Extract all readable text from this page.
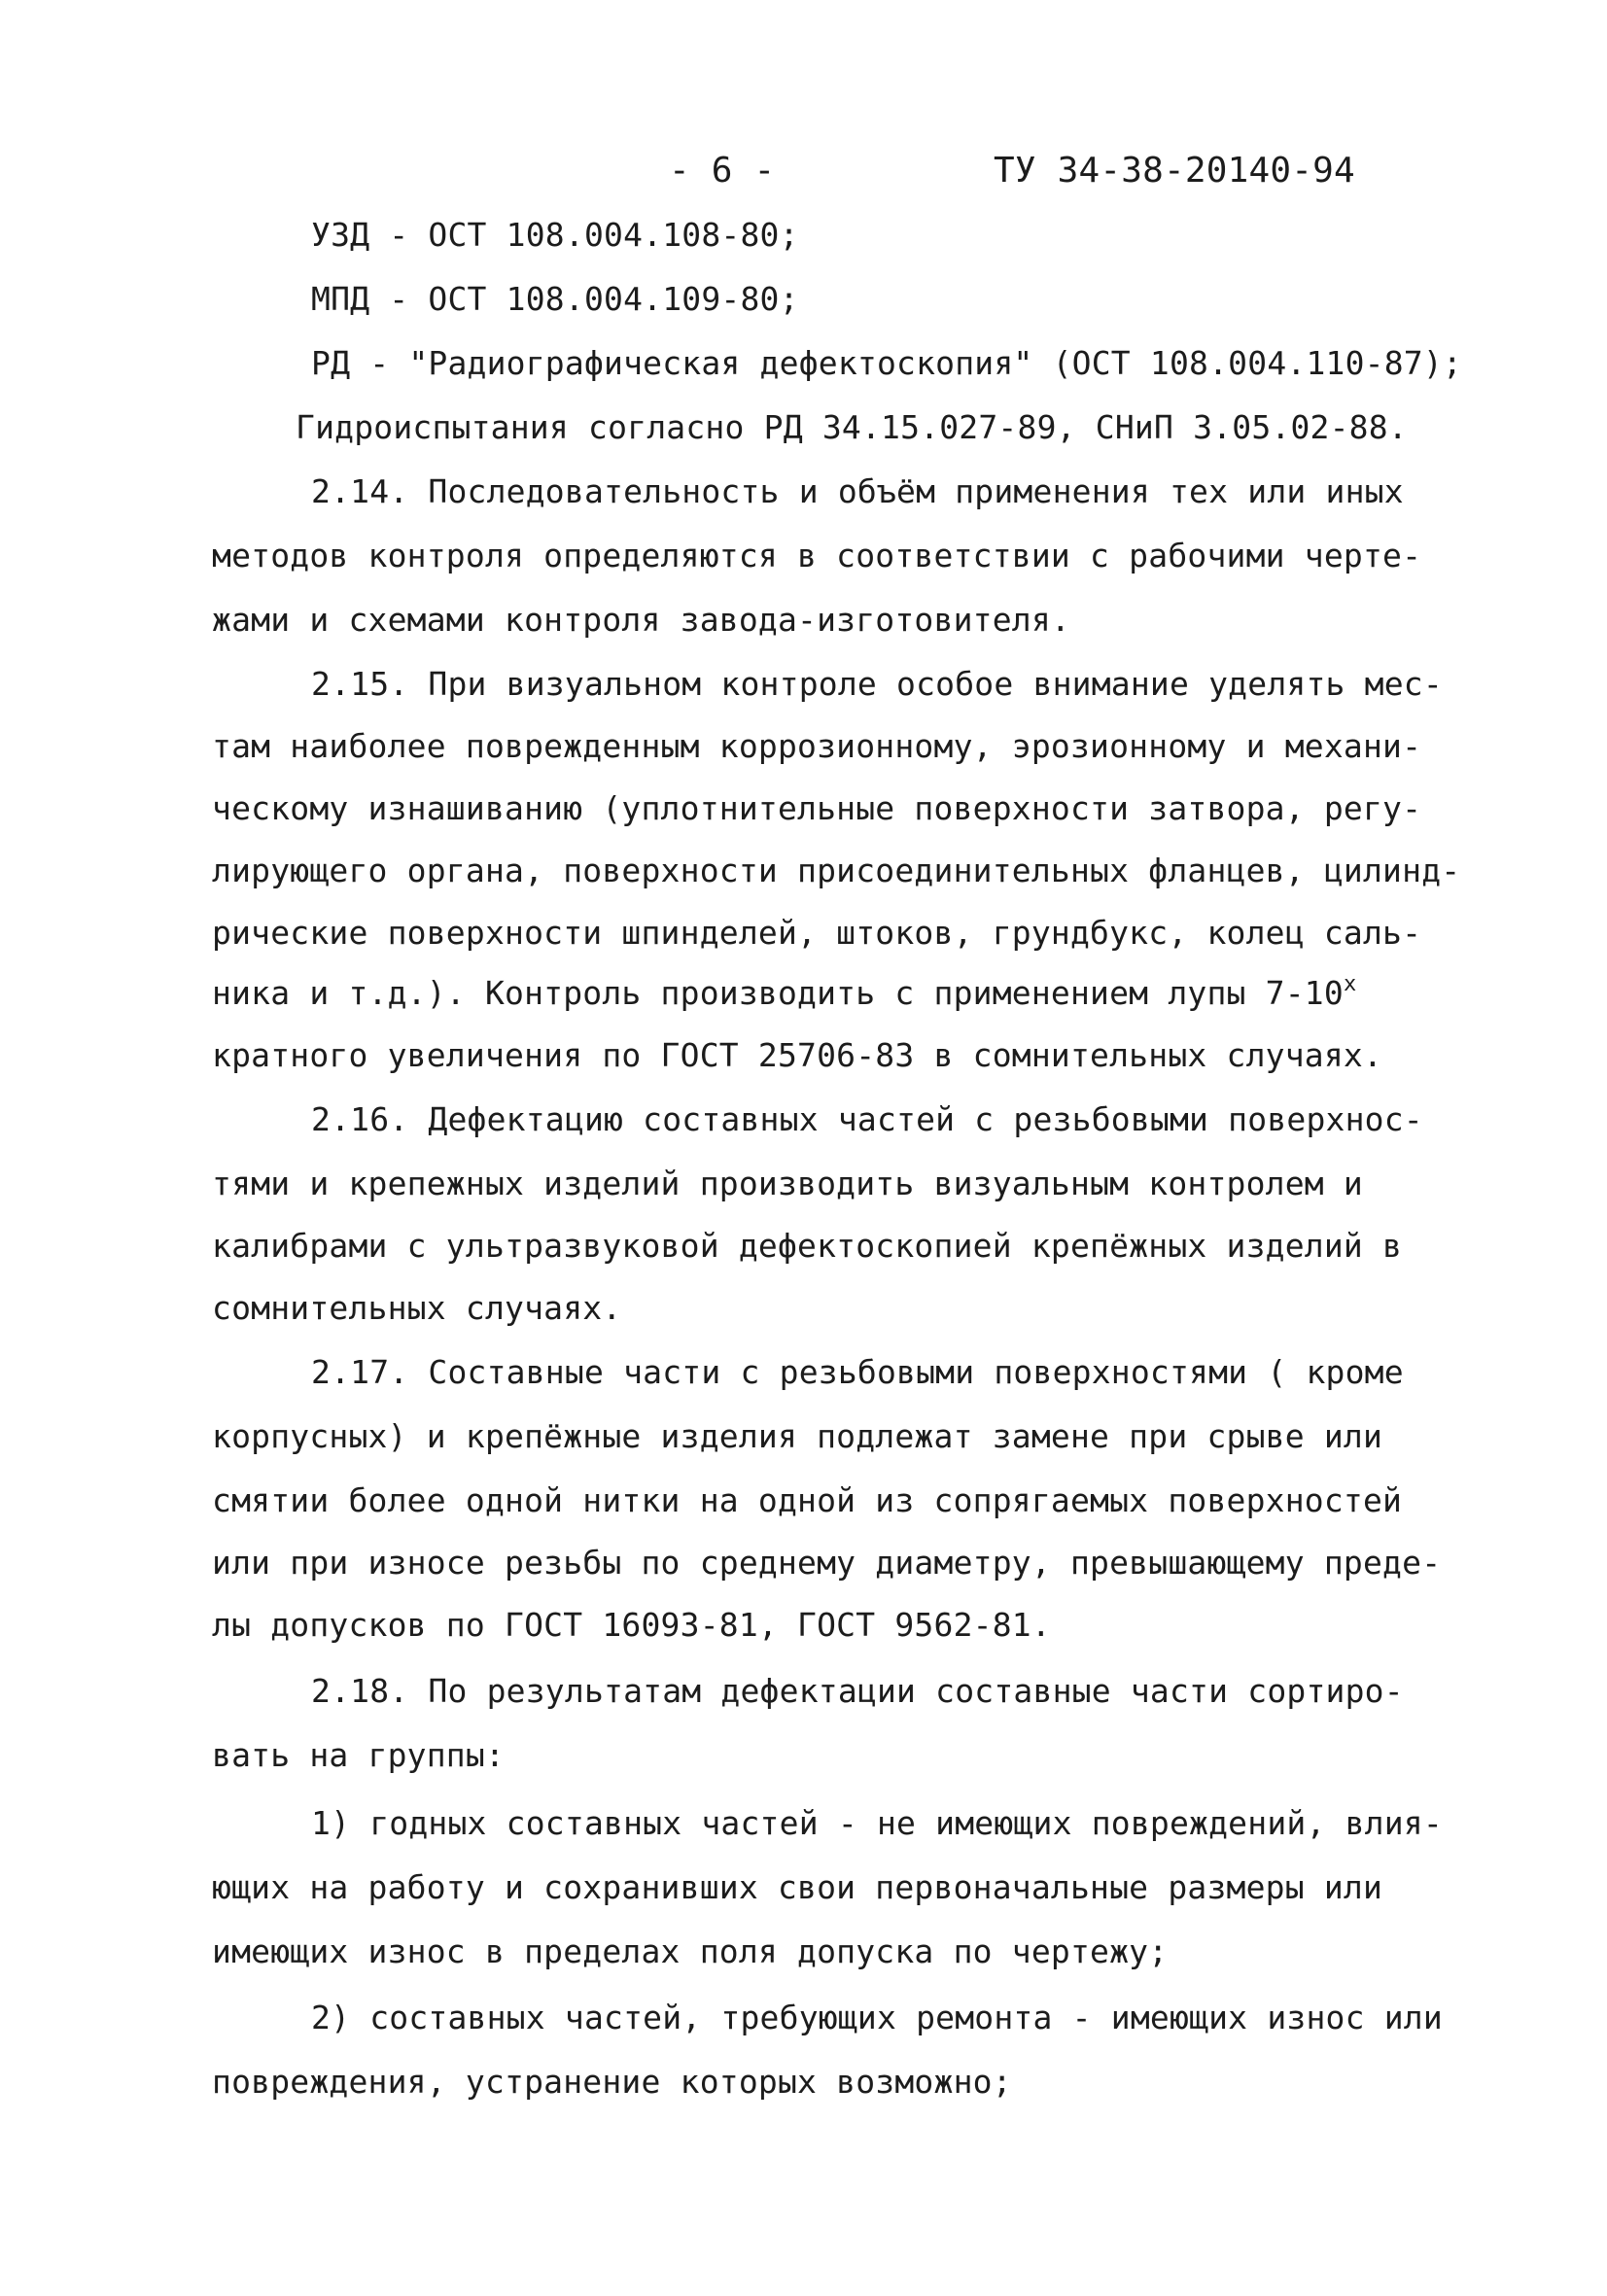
- 6 -	ТУ 34-38-20140-94
УЗД - ОСТ 108.004.108-80;
МПД - ОСТ 108.004.109-80;
РД - "Радиографическая дефектоскопия" (ОСТ 108.004.110-87);
Гидроиспытания согласно РД 34.15.027-89, СНиП 3.05.02-88.
2.14. Последовательность и объём применения тех или иных
методов контроля определяются в соответствии с рабочими черте-
жами и схемами контроля завода-изготовителя.
2.15. При визуальном контроле особое внимание уделять мес-
там наиболее поврежденным коррозионному, эрозионному и механи-
ческому изнашиванию (уплотнительные поверхности затвора, регу-
лирующего органа, поверхности присоединительных фланцев, цилинд-
рические поверхности шпинделей, штоков, грундбукс, колец саль-
ника и т.д.). Контроль производить с применением лупы 7-10$^x$
кратного увеличения по ГОСТ 25706-83 в сомнительных случаях.
2.16. Дефектацию составных частей с резьбовыми поверхнос-
тями и крепежных изделий производить визуальным контролем и
калибрами с ультразвуковой дефектоскопией крепёжных изделий в
сомнительных случаях.
2.17. Составные части с резьбовыми поверхностями ( кроме
корпусных) и крепёжные изделия подлежат замене при срыве или
смятии более одной нитки на одной из сопрягаемых поверхностей
или при износе резьбы по среднему диаметру, превышающему преде-
лы допусков по ГОСТ 16093-81, ГОСТ 9562-81.
2.18. По результатам дефектации составные части сортиро-
вать на группы:
1) годных составных частей - не имеющих повреждений, влия-
ющих на работу и сохранивших свои первоначальные размеры или
имеющих износ в пределах поля допуска по чертежу;
2) составных частей, требующих ремонта - имеющих износ или
повреждения, устранение которых возможно;
